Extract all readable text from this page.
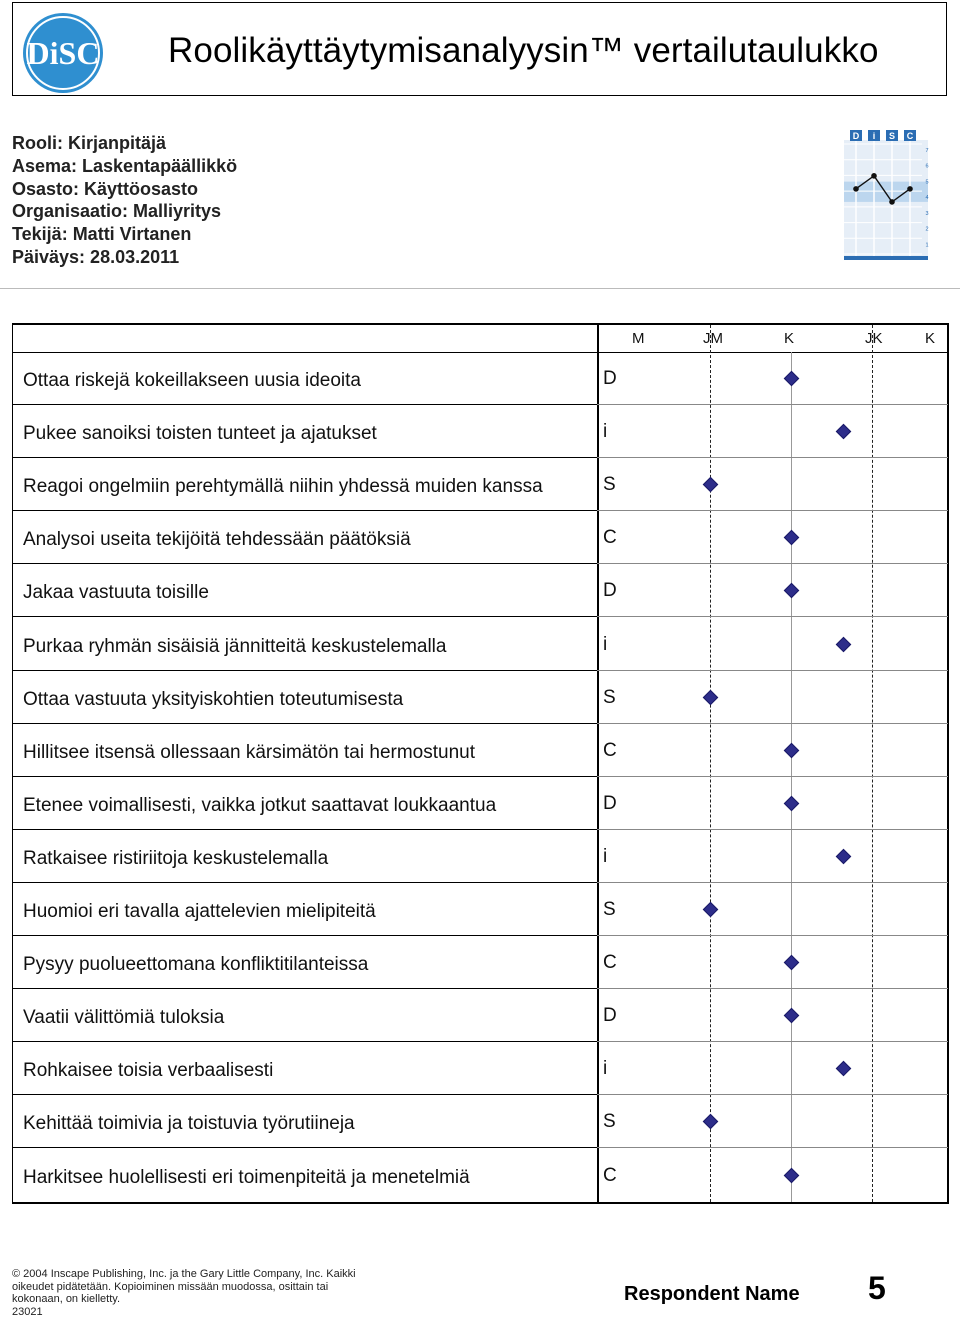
DiSC Roolikäyttäytymisanalyysin™ vertailutaulukko
Rooli: Kirjanpitäjä
Asema: Laskentapäällikkö
Osasto: Käyttöosasto
Organisaatio: Malliyritys
Tekijä: Matti Virtanen
Päiväys: 28.03.2011
D i S C
7
6
5
4
3
2
1
M	JM	K	JK	K
Ottaa riskejä kokeillakseen uusia ideoita	D
Pukee sanoiksi toisten tunteet ja ajatukset	i
Reagoi ongelmiin perehtymällä niihin yhdessä muiden kanssa	S
Analysoi useita tekijöitä tehdessään päätöksiä	C
Jakaa vastuuta toisille	D
Purkaa ryhmän sisäisiä jännitteitä keskustelemalla	i
Ottaa vastuuta yksityiskohtien toteutumisesta	S
Hillitsee itsensä ollessaan kärsimätön tai hermostunut	C
Etenee voimallisesti, vaikka jotkut saattavat loukkaantua	D
Ratkaisee ristiriitoja keskustelemalla	i
Huomioi eri tavalla ajattelevien mielipiteitä	S
Pysyy puolueettomana konfliktitilanteissa	C
Vaatii välittömiä tuloksia	D
Rohkaisee toisia verbaalisesti	i
Kehittää toimivia ja toistuvia työrutiineja	S
Harkitsee huolellisesti eri toimenpiteitä ja menetelmiä	C
© 2004 Inscape Publishing, Inc. ja the Gary Little Company, Inc. Kaikki
oikeudet pidätetään. Kopioiminen missään muodossa, osittain tai
kokonaan, on kielletty.
23021
Respondent Name 5
